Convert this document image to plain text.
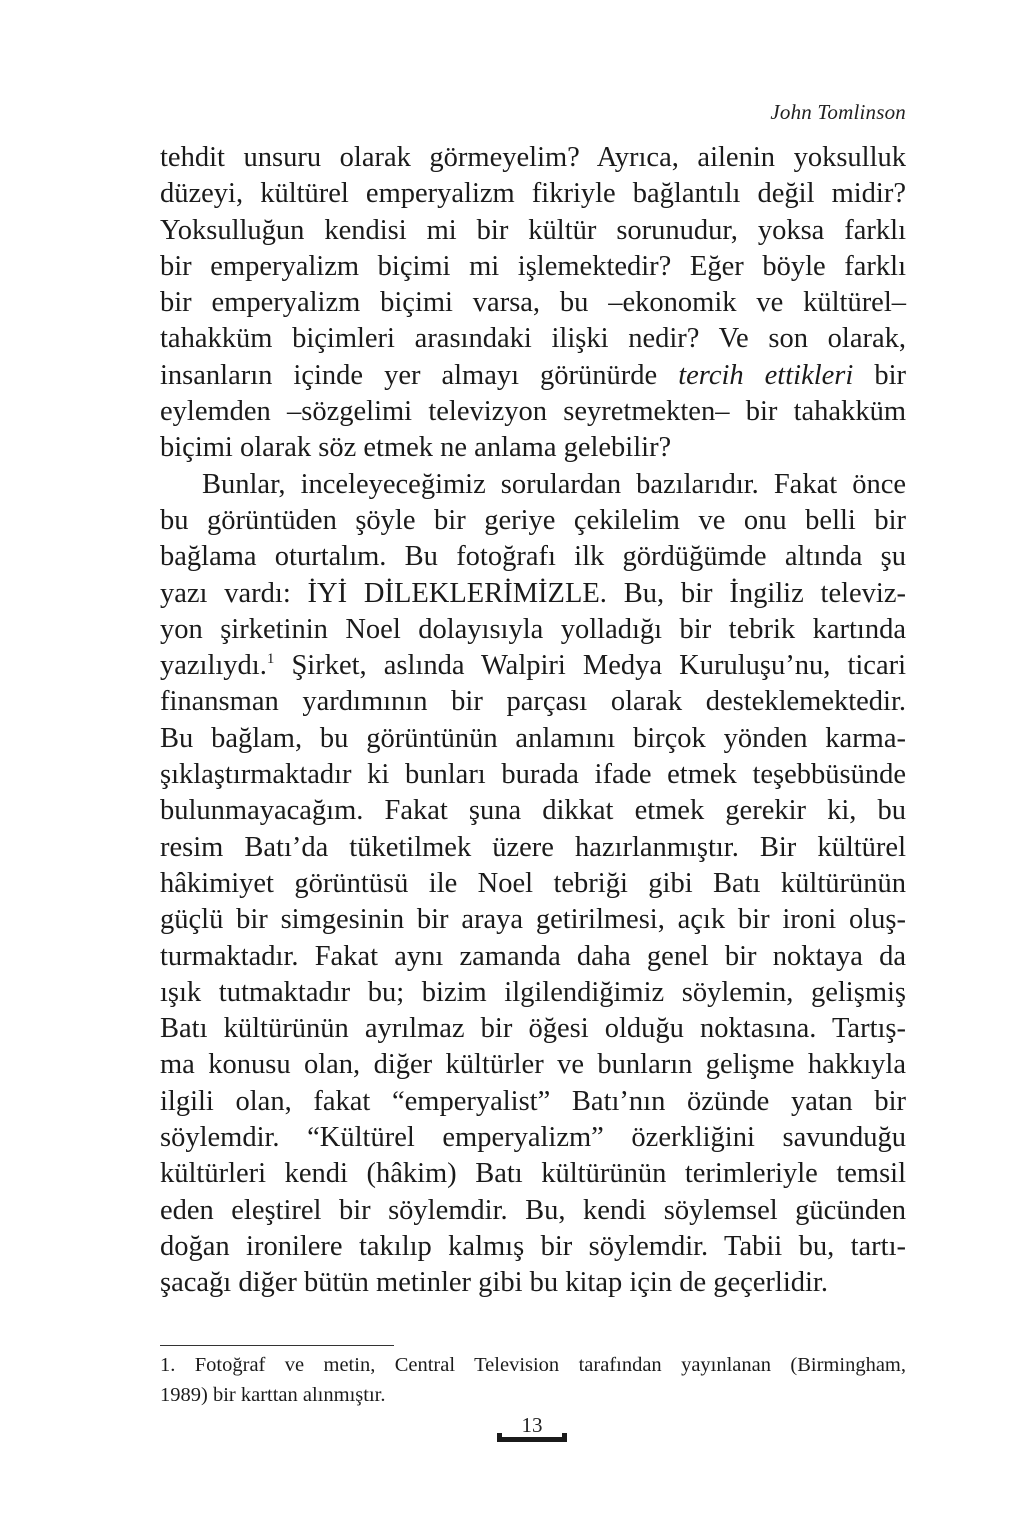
John Tomlinson
tehdit unsuru olarak görmeyelim? Ayrıca, ailenin yoksulluk
düzeyi, kültürel emperyalizm fikriyle bağlantılı değil midir?
Yoksulluğun kendisi mi bir kültür sorunudur, yoksa farklı
bir emperyalizm biçimi mi işlemektedir? Eğer böyle farklı
bir emperyalizm biçimi varsa, bu –ekonomik ve kültürel–
tahakküm biçimleri arasındaki ilişki nedir? Ve son olarak,
insanların içinde yer almayı görünürde tercih ettikleri bir
eylemden –sözgelimi televizyon seyretmekten– bir tahakküm
biçimi olarak söz etmek ne anlama gelebilir?
Bunlar, inceleyeceğimiz sorulardan bazılarıdır. Fakat önce
bu görüntüden şöyle bir geriye çekilelim ve onu belli bir
bağlama oturtalım. Bu fotoğrafı ilk gördüğümde altında şu
yazı vardı: İYİ DİLEKLERİMİZLE. Bu, bir İngiliz televiz-
yon şirketinin Noel dolayısıyla yolladığı bir tebrik kartında
yazılıydı.$^1$ Şirket, aslında Walpiri Medya Kuruluşu’nu, ticari
finansman yardımının bir parçası olarak desteklemektedir.
Bu bağlam, bu görüntünün anlamını birçok yönden karma-
şıklaştırmaktadır ki bunları burada ifade etmek teşebbüsünde
bulunmayacağım. Fakat şuna dikkat etmek gerekir ki, bu
resim Batı’da tüketilmek üzere hazırlanmıştır. Bir kültürel
hâkimiyet görüntüsü ile Noel tebriği gibi Batı kültürünün
güçlü bir simgesinin bir araya getirilmesi, açık bir ironi oluş-
turmaktadır. Fakat aynı zamanda daha genel bir noktaya da
ışık tutmaktadır bu; bizim ilgilendiğimiz söylemin, gelişmiş
Batı kültürünün ayrılmaz bir öğesi olduğu noktasına. Tartış-
ma konusu olan, diğer kültürler ve bunların gelişme hakkıyla
ilgili olan, fakat “emperyalist” Batı’nın özünde yatan bir
söylemdir. “Kültürel emperyalizm” özerkliğini savunduğu
kültürleri kendi (hâkim) Batı kültürünün terimleriyle temsil
eden eleştirel bir söylemdir. Bu, kendi söylemsel gücünden
doğan ironilere takılıp kalmış bir söylemdir. Tabii bu, tartı-
şacağı diğer bütün metinler gibi bu kitap için de geçerlidir.
1. Fotoğraf ve metin, Central Television tarafından yayınlanan (Birmingham,
1989) bir karttan alınmıştır.
13
